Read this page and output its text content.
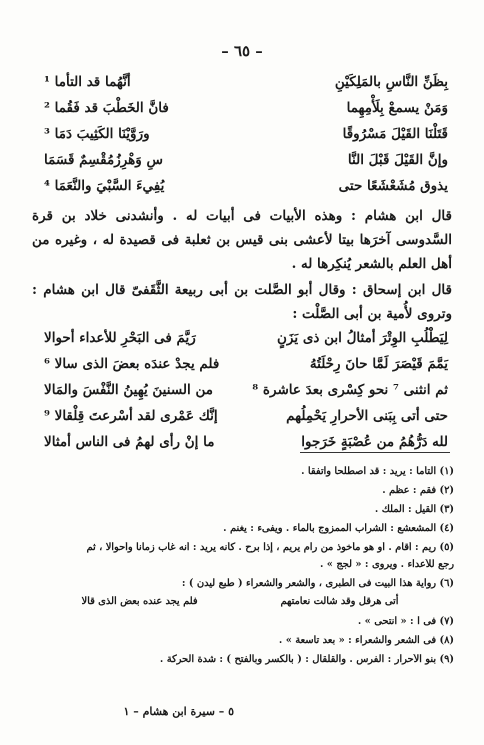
– ٦٥ –
بِظَنِّ النَّاسِ بالمَلِكَيْنِ
أنَّهُما قد التأما ¹
وَمَنْ يسمعْ بِلَأْمِهِما
فانَّ الخَطْبَ قد فَقُما ²
قَتَلْنَا القَيْلَ مَسْرُوقًا
ورَوَّيْنَا الكَثِيبَ دَمَا ³
وإنَّ القَيْلَ قَبْلَ النَّا
سِ وَهْرِزُمُقْسِمٌ قَسَمَا
يذوق مُشَعْشَعًا حتى
يُفِيءَ السَّبْيَ والنَّعَمَا ⁴
قال ابن هشام : وهذه الأبيات فى أبيات له . وأنشدنى خلاد بن قرة السَّدوسى آخرَها بيتا لأعشى بنى قيس بن ثعلبة فى قصيدة له ، وغيره من أهل العلم بالشعر يُنكِرها له .
قال ابن إسحاق : وقال أبو الصَّلت بن أبى ربيعة الثَّقَفىّ قال ابن هشام : وتروى لأُمية بن أبى الصَّلْت :
لِيَطْلُبِ الوِتْرَ أمثالُ ابن ذى يَزَنٍ
رَيَّمَ فى البَحْرِ للأعداء أحوالا
يَمَّمَ قَيْصَرَ لَمَّا حانَ رِحْلَتُهُ
فلم يجدْ عندَه بعضَ الذى سالا ⁶
ثم انثنى ⁷ نحو كِسْرى بعدَ عاشرة ⁸
من السنينَ يُهِينُ النَّفْسَ والمَالا
حتى أتى بِبَنى الأحرارِ يَحْمِلُهم
إنَّك عَمْرى لقد أسْرعتَ قِلْقالا ⁹
لله دَرُّهُمُ من عُصْبَةٍ خَرَجوا
ما إنْ رأى لهمُ فى الناس أمثالا
(١) التأما : يريد : قد اصطلحا واتفقا .
(٢) فقم : عظم .
(٣) القيل : الملك .
(٤) المشعشع : الشراب الممزوج بالماء . ويفىء : يغنم .
(٥) ريم : أقام . أو هو مأخوذ من رام يريم ، إذا برح . كأنه يريد : أنه غاب زمانا وأحوالا ، ثم
رجع للأعداء . ويروى : « لجج » .
(٦) رواية هذا البيت فى الطبرى ، والشعر والشعراء ( طبع ليدن ) :
أتى هرقل وقد شالت نعامتهم
فلم يجد عنده بعض الذى قالا
(٧) فى ا : « انتحى » .
(٨) فى الشعر والشعراء : « بعد تاسعة » .
(٩) بنو الأحرار : الفرس . والقلقال : ( بالكسر وبالفتح ) : شدة الحركة .
٥ – سيرة ابن هشام – ١
